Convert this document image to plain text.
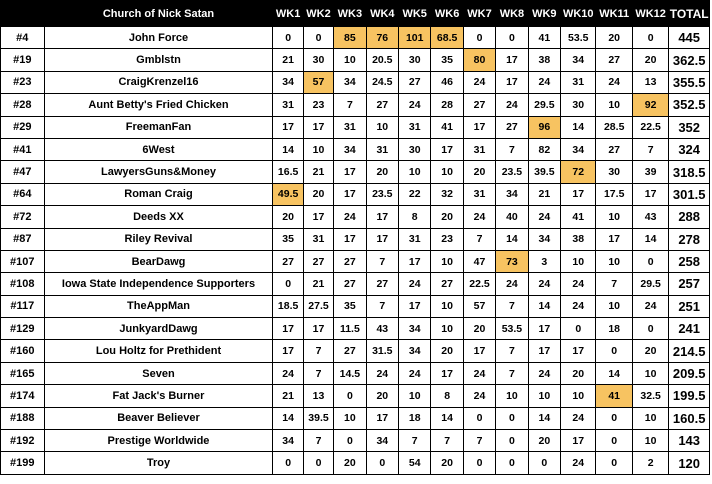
	Church of Nick Satan	WK1	WK2	WK3	WK4	WK5	WK6	WK7	WK8	WK9	WK10	WK11	WK12	TOTAL
#4	John Force	0	0	85	76	101	68.5	0	0	41	53.5	20	0	445
#19	Gmblstn	21	30	10	20.5	30	35	80	17	38	34	27	20	362.5
#23	CraigKrenzel16	34	57	34	24.5	27	46	24	17	24	31	24	13	355.5
#28	Aunt Betty's Fried Chicken	31	23	7	27	24	28	27	24	29.5	30	10	92	352.5
#29	FreemanFan	17	17	31	10	31	41	17	27	96	14	28.5	22.5	352
#41	6West	14	10	34	31	30	17	31	7	82	34	27	7	324
#47	LawyersGuns&Money	16.5	21	17	20	10	10	20	23.5	39.5	72	30	39	318.5
#64	Roman Craig	49.5	20	17	23.5	22	32	31	34	21	17	17.5	17	301.5
#72	Deeds XX	20	17	24	17	8	20	24	40	24	41	10	43	288
#87	Riley Revival	35	31	17	17	31	23	7	14	34	38	17	14	278
#107	BearDawg	27	27	27	7	17	10	47	73	3	10	10	0	258
#108	Iowa State Independence Supporters	0	21	27	27	24	27	22.5	24	24	24	7	29.5	257
#117	TheAppMan	18.5	27.5	35	7	17	10	57	7	14	24	10	24	251
#129	JunkyardDawg	17	17	11.5	43	34	10	20	53.5	17	0	18	0	241
#160	Lou Holtz for Prethident	17	7	27	31.5	34	20	17	7	17	17	0	20	214.5
#165	Seven	24	7	14.5	24	24	17	24	7	24	20	14	10	209.5
#174	Fat Jack's Burner	21	13	0	20	10	8	24	10	10	10	41	32.5	199.5
#188	Beaver Believer	14	39.5	10	17	18	14	0	0	14	24	0	10	160.5
#192	Prestige Worldwide	34	7	0	34	7	7	7	0	20	17	0	10	143
#199	Troy	0	0	20	0	54	20	0	0	0	24	0	2	120
